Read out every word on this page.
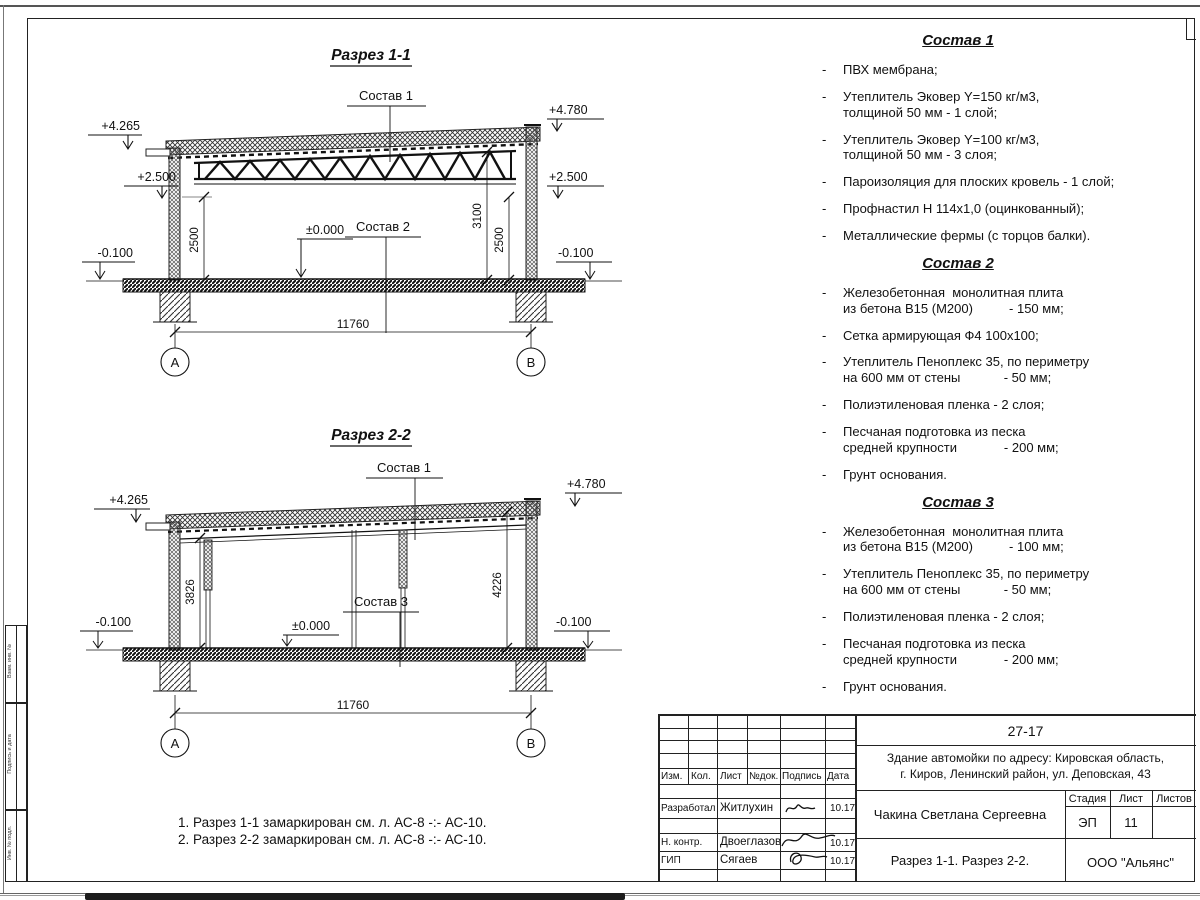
Взам. инв. №
Подпись и дата
Инв. № подл.
Разрез 1-1
Состав 1
+4.265
+4.780
+2.500	+2.500
±0.000
-0.100	-0.100
Состав 2
2500
3100
2500
11760
А	В
Разрез 2-2
Состав 1
Состав 3
+4.265
+4.780
±0.000
-0.100	-0.100
3826	4226
11760
А	В
Состав 1
-	ПВХ мембрана;
-	Утеплитель Эковер Y=150 кг/м3,
толщиной 50 мм - 1 слой;
-	Утеплитель Эковер Y=100 кг/м3,
толщиной 50 мм - 3 слоя;
-	Пароизоляция для плоских кровель - 1 слой;
-	Профнастил Н 114х1,0 (оцинкованный);
-	Металлические фермы (с торцов балки).
Состав 2
-	Железобетонная  монолитная плита
из бетона В15 (М200)          - 150 мм;
-	Сетка армирующая Ф4 100х100;
-	Утеплитель Пеноплекс 35, по периметру
на 600 мм от стены            - 50 мм;
-	Полиэтиленовая пленка - 2 слоя;
-	Песчаная подготовка из песка
средней крупности             - 200 мм;
-	Грунт основания.
Состав 3
-	Железобетонная  монолитная плита
из бетона В15 (М200)          - 100 мм;
-	Утеплитель Пеноплекс 35, по периметру
на 600 мм от стены            - 50 мм;
-	Полиэтиленовая пленка - 2 слоя;
-	Песчаная подготовка из песка
средней крупности             - 200 мм;
-	Грунт основания.
1. Разрез 1-1 замаркирован см. л. АС-8 -:- АС-10.
2. Разрез 2-2 замаркирован см. л. АС-8 -:- АС-10.
Изм. Кол. Лист №док. Подпись Дата
Разработал Житлухин	10.17
Н. контр. Двоеглазов	10.17
ГИП	Сягаев	10.17
27-17
Здание автомойки по адресу: Кировская область,
г. Киров, Ленинский район, ул. Деповская, 43
Чакина Светлана Сергеевна
Разрез 1-1. Разрез 2-2.
Стадия	Лист	Листов
ЭП	11
ООО "Альянс"
